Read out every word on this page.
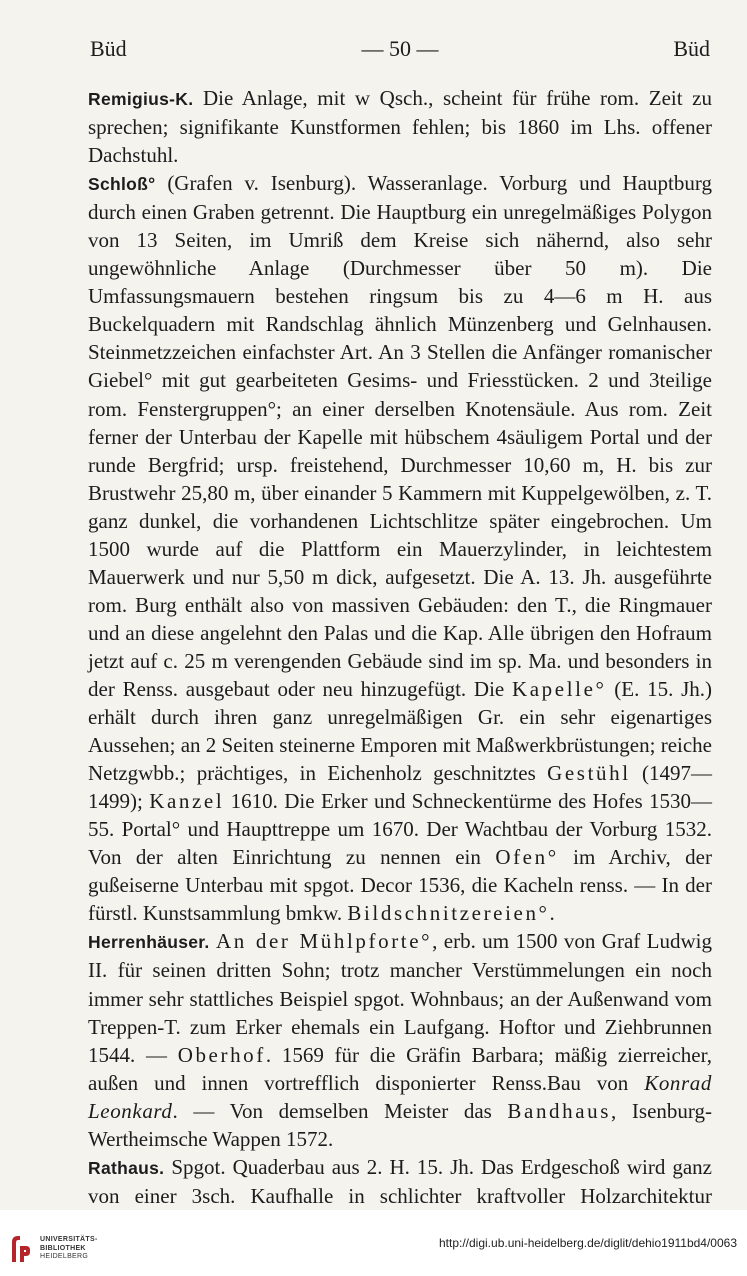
Büd	— 50 —	Büd

Remigius-K. Die Anlage, mit w Qsch., scheint für frühe rom. Zeit zu sprechen; signifikante Kunstformen fehlen; bis 1860 im Lhs. offener Dachstuhl.

Schloß° (Grafen v. Isenburg). Wasseranlage. Vorburg und Hauptburg durch einen Graben getrennt. Die Hauptburg ein unregelmäßiges Polygon von 13 Seiten, im Umriß dem Kreise sich nähernd, also sehr ungewöhnliche Anlage (Durchmesser über 50 m). Die Umfassungsmauern bestehen ringsum bis zu 4—6 m H. aus Buckelquadern mit Randschlag ähnlich Münzenberg und Gelnhausen. Steinmetzzeichen einfachster Art. An 3 Stellen die Anfänger romanischer Giebel° mit gut gearbeiteten Gesims- und Friesstücken. 2 und 3teilige rom. Fenstergruppen°; an einer derselben Knotensäule. Aus rom. Zeit ferner der Unterbau der Kapelle mit hübschem 4säuligem Portal und der runde Bergfrid; ursp. freistehend, Durchmesser 10,60 m, H. bis zur Brustwehr 25,80 m, über einander 5 Kammern mit Kuppelgewölben, z. T. ganz dunkel, die vorhandenen Lichtschlitze später eingebrochen. Um 1500 wurde auf die Plattform ein Mauerzylinder, in leichtestem Mauerwerk und nur 5,50 m dick, aufgesetzt. Die A. 13. Jh. ausgeführte rom. Burg enthält also von massiven Gebäuden: den T., die Ringmauer und an diese angelehnt den Palas und die Kap. Alle übrigen den Hofraum jetzt auf c. 25 m verengenden Gebäude sind im sp. Ma. und besonders in der Renss. ausgebaut oder neu hinzugefügt. Die Kapelle° (E. 15. Jh.) erhält durch ihren ganz unregelmäßigen Gr. ein sehr eigenartiges Aussehen; an 2 Seiten steinerne Emporen mit Maßwerkbrüstungen; reiche Netzgwbb.; prächtiges, in Eichenholz geschnitztes Gestühl (1497—1499); Kanzel 1610. Die Erker und Schneckentürme des Hofes 1530—55. Portal° und Haupttreppe um 1670. Der Wachtbau der Vorburg 1532. Von der alten Einrichtung zu nennen ein Ofen° im Archiv, der gußeiserne Unterbau mit spgot. Decor 1536, die Kacheln renss. — In der fürstl. Kunstsammlung bmkw. Bildschnitzereien°.

Herrenhäuser. An der Mühlpforte°, erb. um 1500 von Graf Ludwig II. für seinen dritten Sohn; trotz mancher Verstümmelungen ein noch immer sehr stattliches Beispiel spgot. Wohnbaus; an der Außenwand vom Treppen-T. zum Erker ehemals ein Laufgang. Hoftor und Ziehbrunnen 1544. — Oberhof. 1569 für die Gräfin Barbara; mäßig zierreicher, außen und innen vortrefflich disponierter Renss.Bau von Konrad Leonkard. — Von demselben Meister das Bandhaus, Isenburg-Wertheimsche Wappen 1572.

Rathaus. Spgot. Quaderbau aus 2. H. 15. Jh. Das Erdgeschoß wird ganz von einer 3sch. Kaufhalle in schlichter kraftvoller Holzarchitektur

UNIVERSITÄTS-
BIBLIOTHEK
HEIDELBERG
http://digi.ub.uni-heidelberg.de/diglit/dehio1911bd4/0063
